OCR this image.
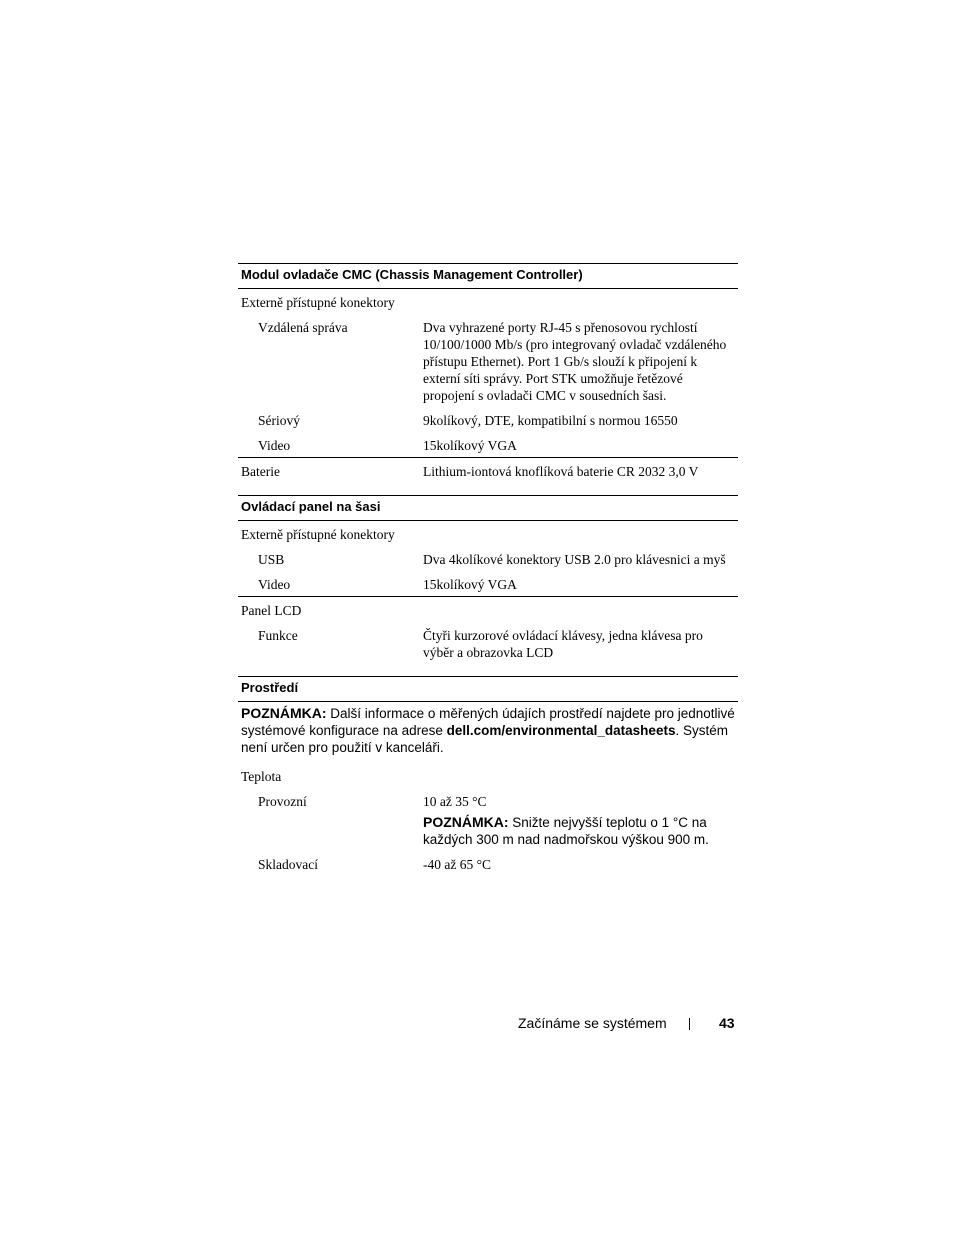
Modul ovladače CMC (Chassis Management Controller)
Externě přístupné konektory
Vzdálená správa	Dva vyhrazené porty RJ-45 s přenosovou rychlostí 10/100/1000 Mb/s (pro integrovaný ovladač vzdáleného přístupu Ethernet). Port 1 Gb/s slouží k připojení k externí síti správy. Port STK umožňuje řetězové propojení s ovladači CMC v sousedních šasi.
Sériový	9kolíkový, DTE, kompatibilní s normou 16550
Video	15kolíkový VGA
Baterie	Lithium-iontová knoflíková baterie CR 2032 3,0 V
Ovládací panel na šasi
Externě přístupné konektory
USB	Dva 4kolíkové konektory USB 2.0 pro klávesnici a myš
Video	15kolíkový VGA
Panel LCD
Funkce	Čtyři kurzorové ovládací klávesy, jedna klávesa pro výběr a obrazovka LCD
Prostředí
POZNÁMKA: Další informace o měřených údajích prostředí najdete pro jednotlivé systémové konfigurace na adrese dell.com/environmental_datasheets. Systém není určen pro použití v kanceláři.
Teplota
Provozní	10 až 35 °C
POZNÁMKA: Snižte nejvyšší teplotu o 1 °C na každých 300 m nad nadmořskou výškou 900 m.
Skladovací	-40 až 65 °C
Začínáme se systémem	43
